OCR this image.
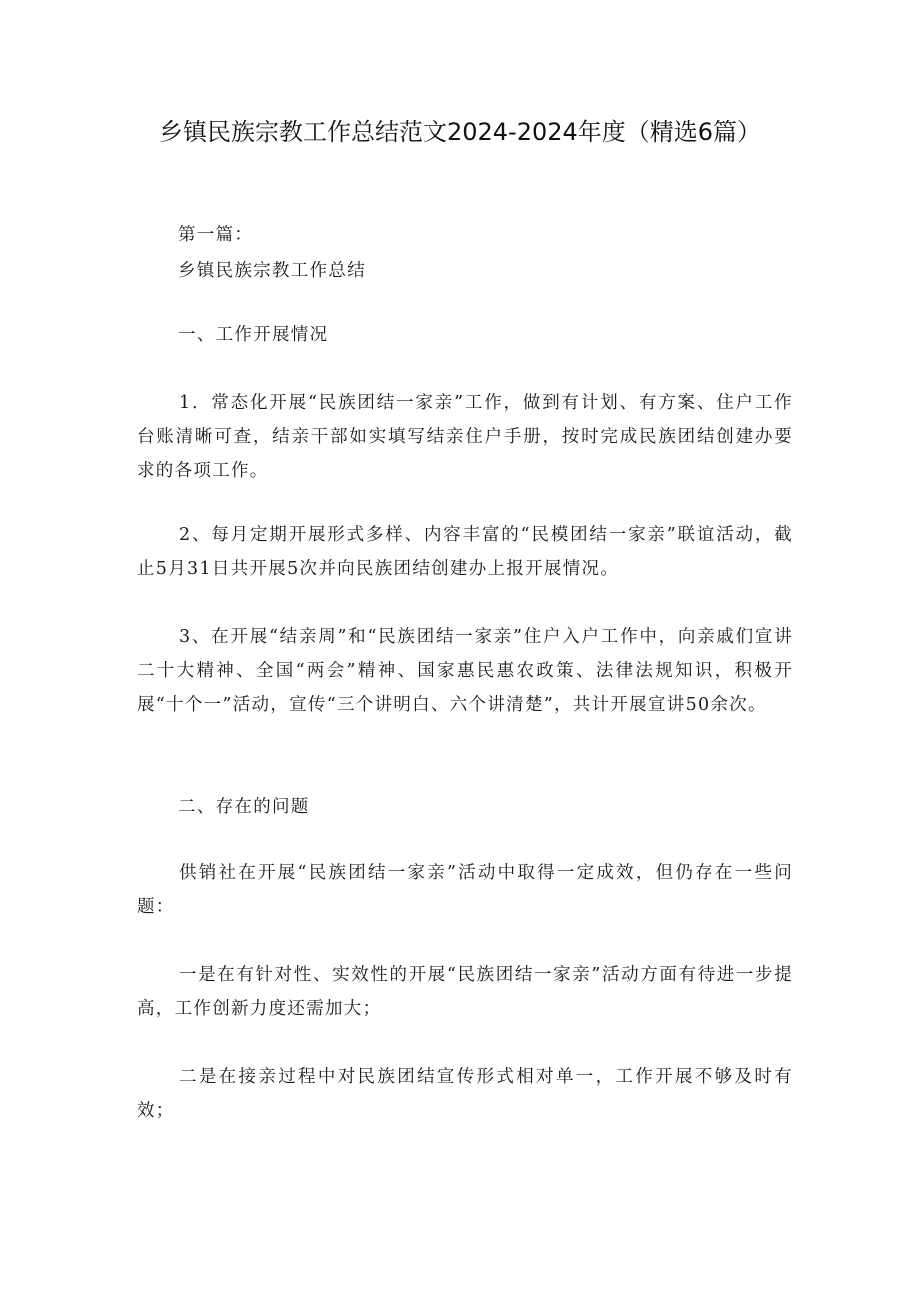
乡镇民族宗教工作总结范文2024-2024年度（精选6篇）

第一篇：

乡镇民族宗教工作总结

一、工作开展情况

1．常态化开展“民族团结一家亲”工作，做到有计划、有方案、住户工作台账清晰可查，结亲干部如实填写结亲住户手册，按时完成民族团结创建办要求的各项工作。

2、每月定期开展形式多样、内容丰富的“民模团结一家亲”联谊活动，截止5月31日共开展5次并向民族团结创建办上报开展情况。

3、在开展“结亲周”和“民族团结一家亲”住户入户工作中，向亲戚们宣讲二十大精神、全国“两会”精神、国家惠民惠农政策、法律法规知识，积极开展“十个一”活动，宣传“三个讲明白、六个讲清楚”，共计开展宣讲50余次。

二、存在的问题

供销社在开展“民族团结一家亲”活动中取得一定成效，但仍存在一些问题：

一是在有针对性、实效性的开展“民族团结一家亲”活动方面有待进一步提高，工作创新力度还需加大；

二是在接亲过程中对民族团结宣传形式相对单一，工作开展不够及时有效；
